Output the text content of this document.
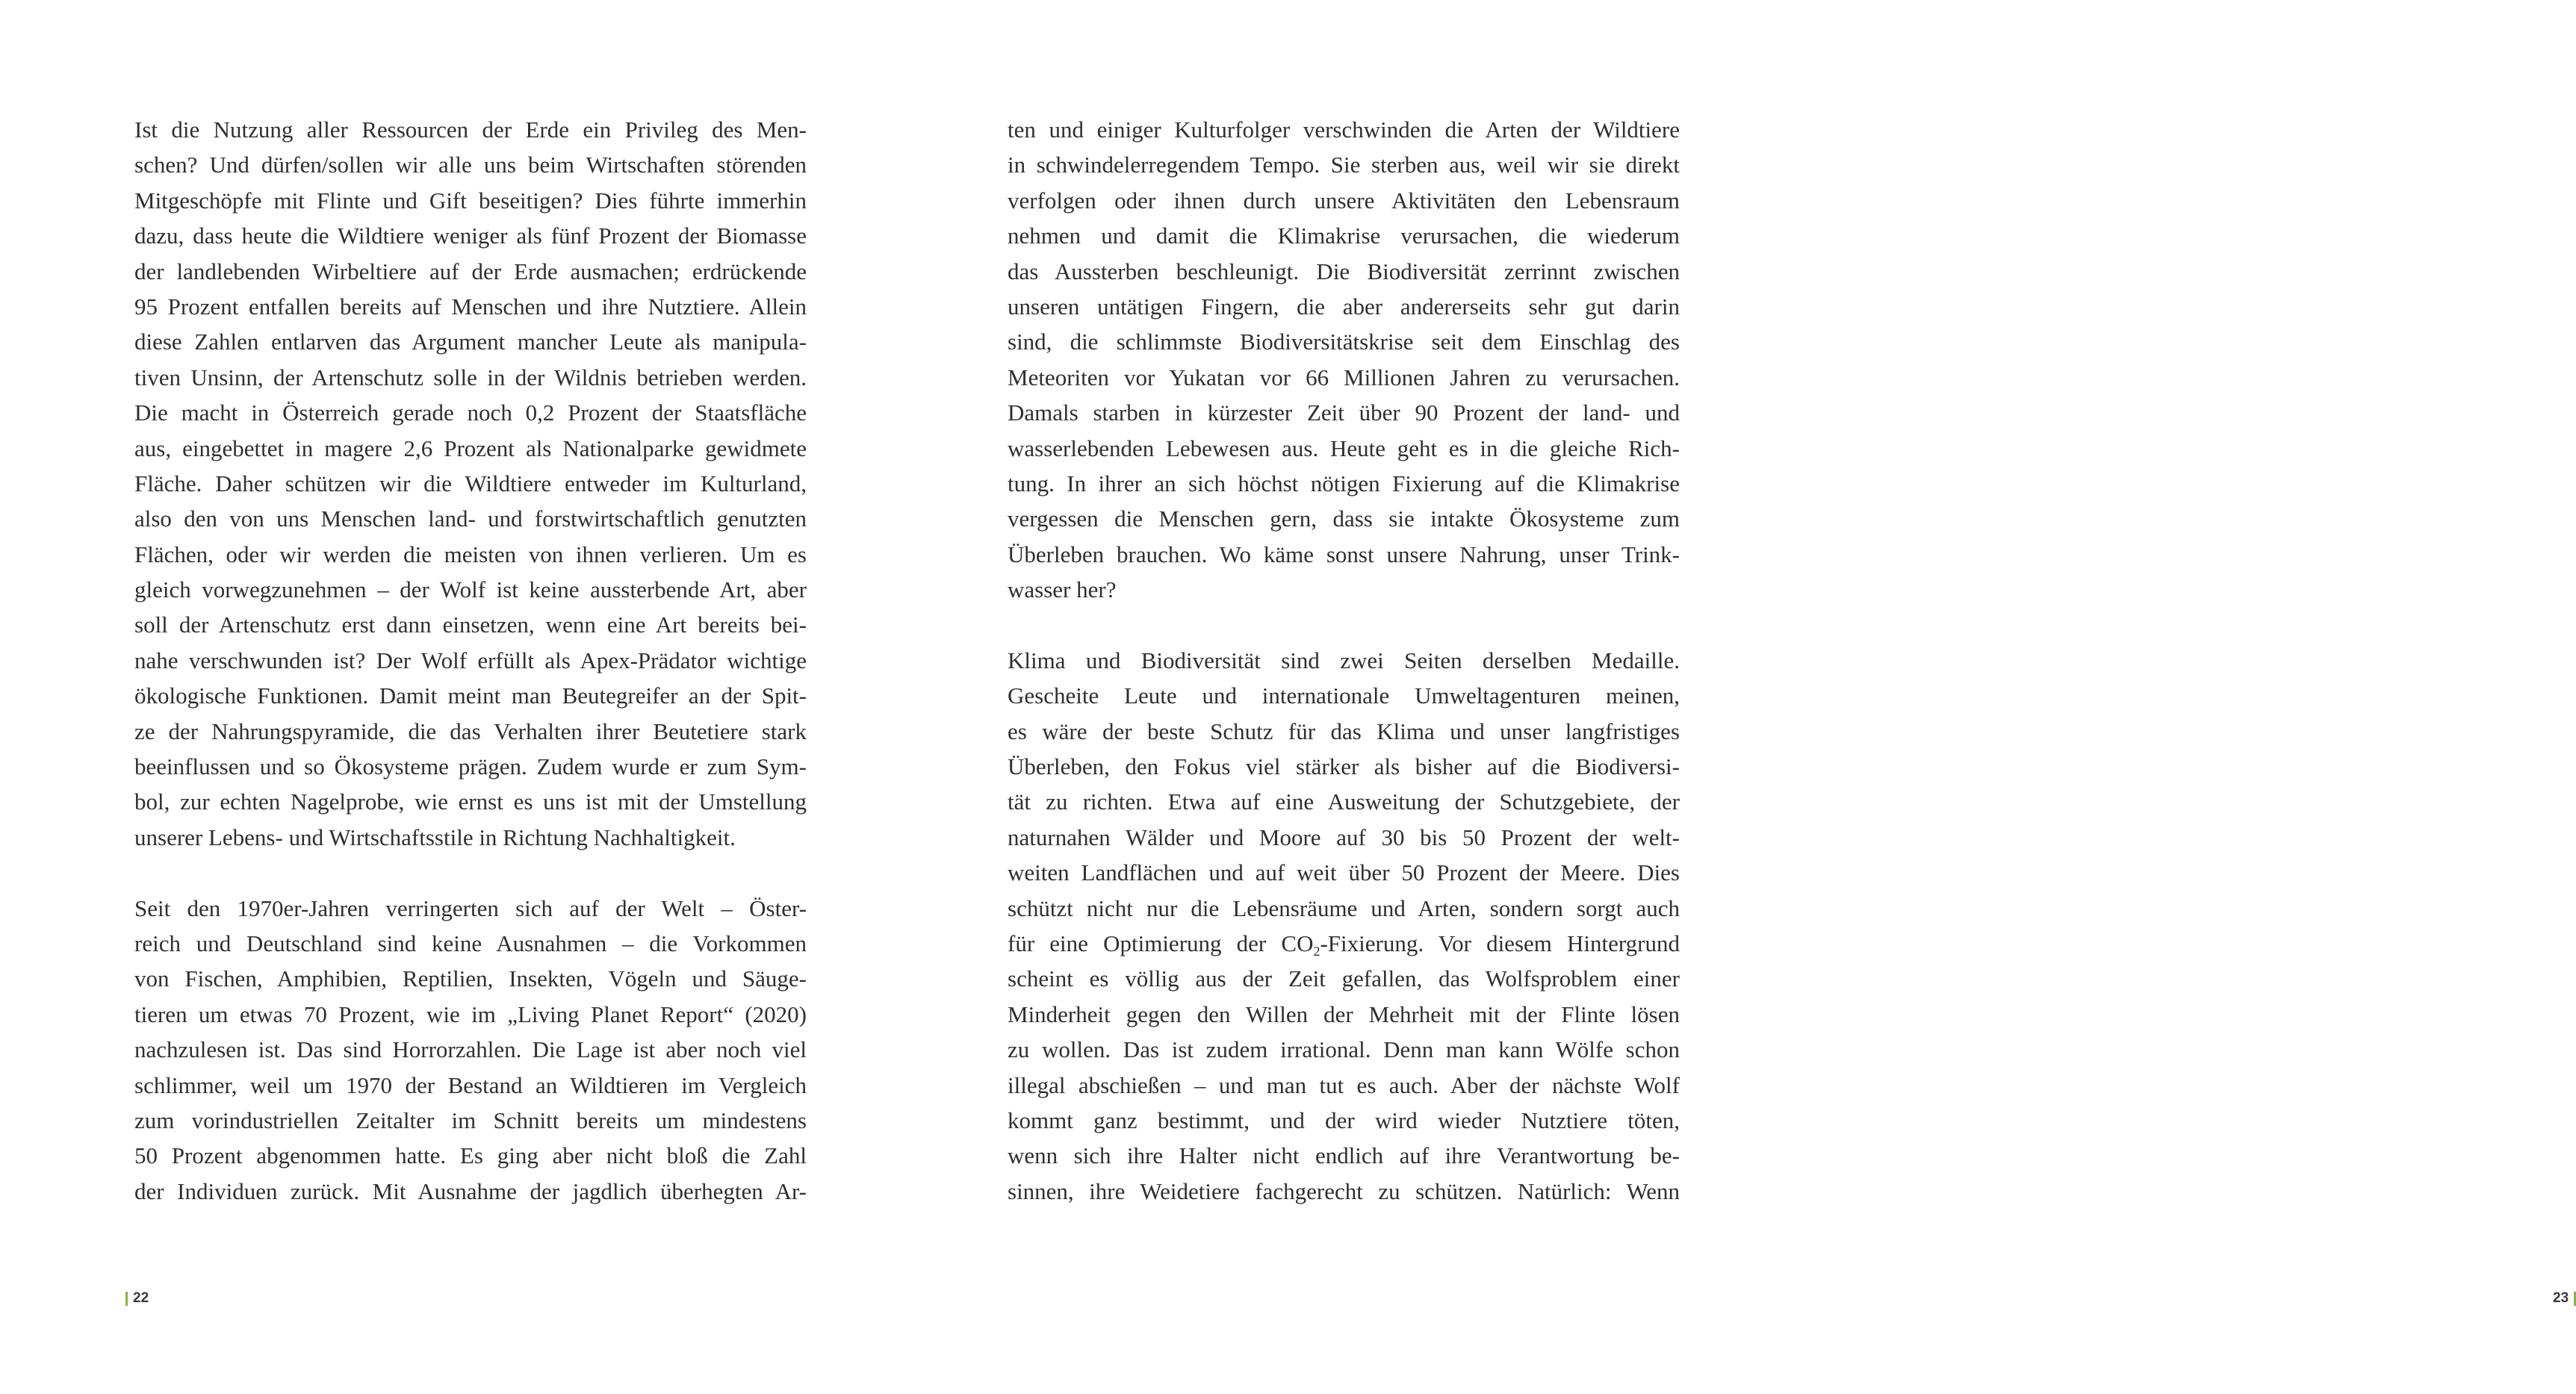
Ist die Nutzung aller Ressourcen der Erde ein Privileg des Men-
schen? Und dürfen/sollen wir alle uns beim Wirtschaften störenden
Mitgeschöpfe mit Flinte und Gift beseitigen? Dies führte immerhin
dazu, dass heute die Wildtiere weniger als fünf Prozent der Biomasse
der landlebenden Wirbeltiere auf der Erde ausmachen; erdrückende
95 Prozent entfallen bereits auf Menschen und ihre Nutztiere. Allein
diese Zahlen entlarven das Argument mancher Leute als manipula-
tiven Unsinn, der Artenschutz solle in der Wildnis betrieben werden.
Die macht in Österreich gerade noch 0,2 Prozent der Staatsfläche
aus, eingebettet in magere 2,6 Prozent als Nationalparke gewidmete
Fläche. Daher schützen wir die Wildtiere entweder im Kulturland,
also den von uns Menschen land- und forstwirtschaftlich genutzten
Flächen, oder wir werden die meisten von ihnen verlieren. Um es
gleich vorwegzunehmen – der Wolf ist keine aussterbende Art, aber
soll der Artenschutz erst dann einsetzen, wenn eine Art bereits bei-
nahe verschwunden ist? Der Wolf erfüllt als Apex-Prädator wichtige
ökologische Funktionen. Damit meint man Beutegreifer an der Spit-
ze der Nahrungspyramide, die das Verhalten ihrer Beutetiere stark
beeinflussen und so Ökosysteme prägen. Zudem wurde er zum Sym-
bol, zur echten Nagelprobe, wie ernst es uns ist mit der Umstellung
unserer Lebens- und Wirtschaftsstile in Richtung Nachhaltigkeit.
Seit den 1970er-Jahren verringerten sich auf der Welt – Öster-
reich und Deutschland sind keine Ausnahmen – die Vorkommen
von Fischen, Amphibien, Reptilien, Insekten, Vögeln und Säuge-
tieren um etwas 70 Prozent, wie im „Living Planet Report“ (2020)
nachzulesen ist. Das sind Horrorzahlen. Die Lage ist aber noch viel
schlimmer, weil um 1970 der Bestand an Wildtieren im Vergleich
zum vorindustriellen Zeitalter im Schnitt bereits um mindestens
50 Prozent abgenommen hatte. Es ging aber nicht bloß die Zahl
der Individuen zurück. Mit Ausnahme der jagdlich überhegten Ar-
22
ten und einiger Kulturfolger verschwinden die Arten der Wildtiere
in schwindelerregendem Tempo. Sie sterben aus, weil wir sie direkt
verfolgen oder ihnen durch unsere Aktivitäten den Lebensraum
nehmen und damit die Klimakrise verursachen, die wiederum
das Aussterben beschleunigt. Die Biodiversität zerrinnt zwischen
unseren untätigen Fingern, die aber andererseits sehr gut darin
sind, die schlimmste Biodiversitätskrise seit dem Einschlag des
Meteoriten vor Yukatan vor 66 Millionen Jahren zu verursachen.
Damals starben in kürzester Zeit über 90 Prozent der land- und
wasserlebenden Lebewesen aus. Heute geht es in die gleiche Rich-
tung. In ihrer an sich höchst nötigen Fixierung auf die Klimakrise
vergessen die Menschen gern, dass sie intakte Ökosysteme zum
Überleben brauchen. Wo käme sonst unsere Nahrung, unser Trink-
wasser her?
Klima und Biodiversität sind zwei Seiten derselben Medaille.
Gescheite Leute und internationale Umweltagenturen meinen,
es wäre der beste Schutz für das Klima und unser langfristiges
Überleben, den Fokus viel stärker als bisher auf die Biodiversi-
tät zu richten. Etwa auf eine Ausweitung der Schutzgebiete, der
naturnahen Wälder und Moore auf 30 bis 50 Prozent der welt-
weiten Landflächen und auf weit über 50 Prozent der Meere. Dies
schützt nicht nur die Lebensräume und Arten, sondern sorgt auch
für eine Optimierung der $CO_2$-Fixierung. Vor diesem Hintergrund
scheint es völlig aus der Zeit gefallen, das Wolfsproblem einer
Minderheit gegen den Willen der Mehrheit mit der Flinte lösen
zu wollen. Das ist zudem irrational. Denn man kann Wölfe schon
illegal abschießen – und man tut es auch. Aber der nächste Wolf
kommt ganz bestimmt, und der wird wieder Nutztiere töten,
wenn sich ihre Halter nicht endlich auf ihre Verantwortung be-
sinnen, ihre Weidetiere fachgerecht zu schützen. Natürlich: Wenn
23
